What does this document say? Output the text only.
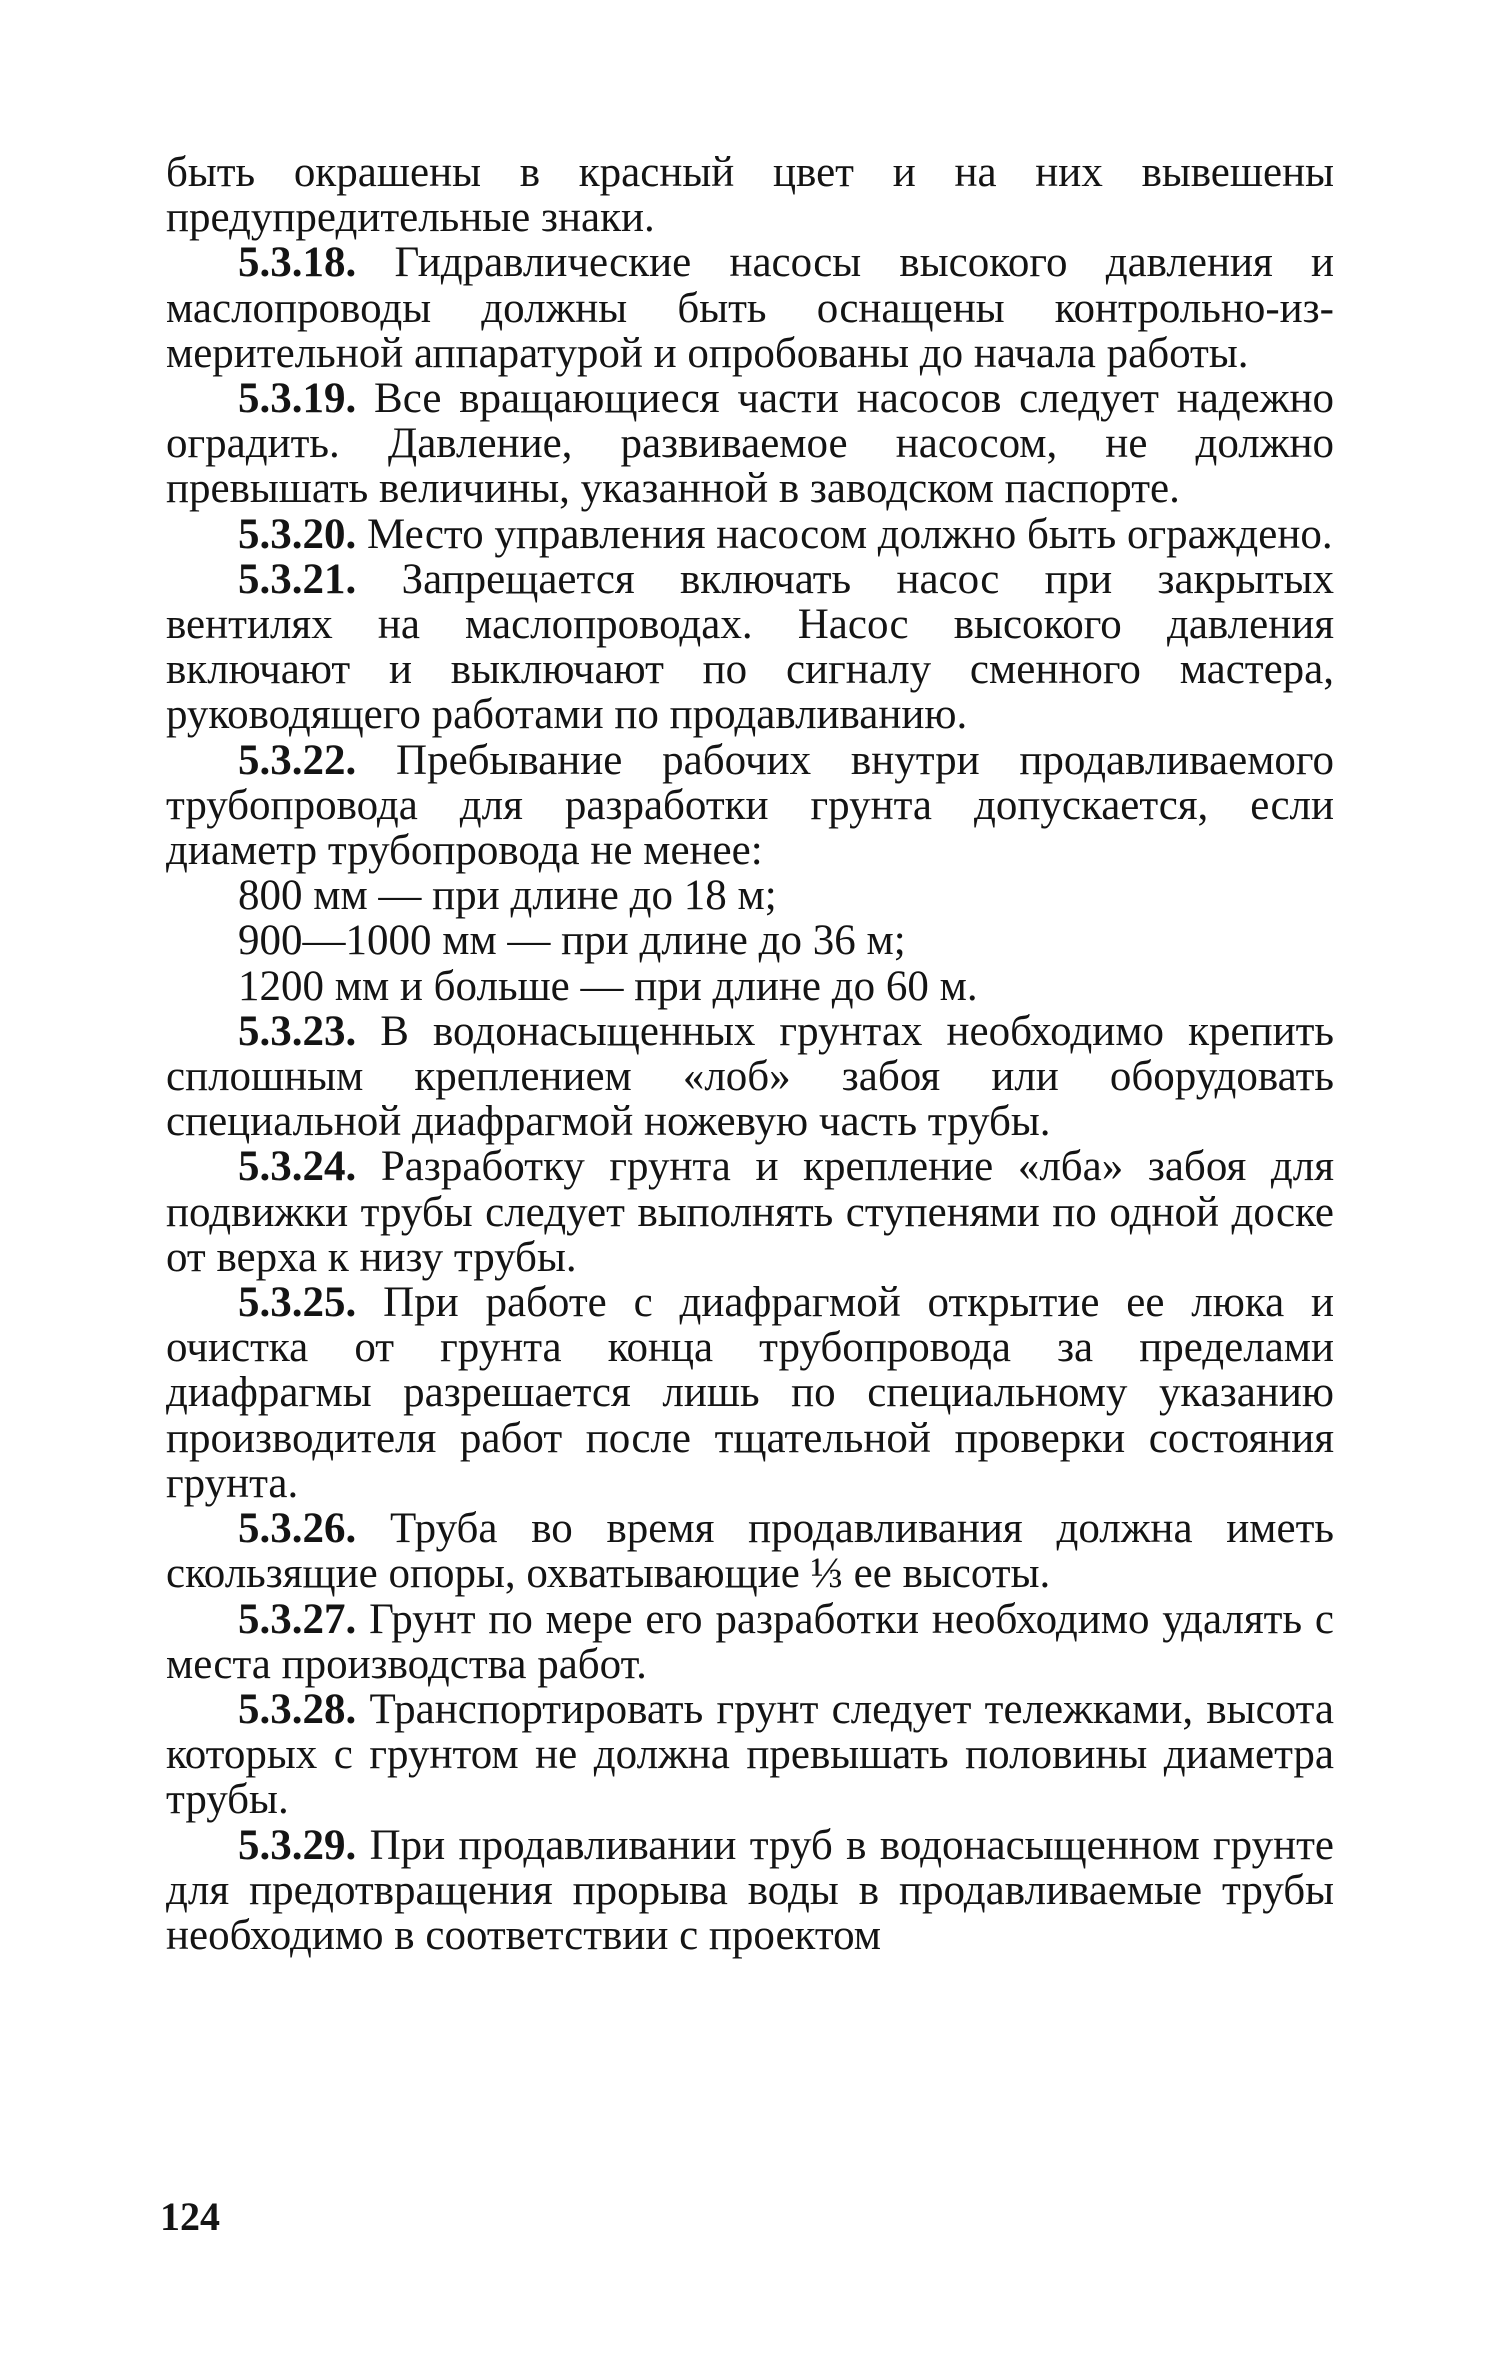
быть окрашены в красный цвет и на них вывешены предупредительные знаки.

5.3.18. Гидравлические насосы высокого давления и маслопроводы должны быть оснащены контрольно-измерительной аппаратурой и опробованы до начала работы.

5.3.19. Все вращающиеся части насосов следует надежно оградить. Давление, развиваемое насосом, не должно превышать величины, указанной в заводском паспорте.

5.3.20. Место управления насосом должно быть ограждено.

5.3.21. Запрещается включать насос при закрытых вентилях на маслопроводах. Насос высокого давления включают и выключают по сигналу сменного мастера, руководящего работами по продавливанию.

5.3.22. Пребывание рабочих внутри продавливаемого трубопровода для разработки грунта допускается, если диаметр трубопровода не менее:

800 мм — при длине до 18 м;

900—1000 мм — при длине до 36 м;

1200 мм и больше — при длине до 60 м.

5.3.23. В водонасыщенных грунтах необходимо крепить сплошным креплением «лоб» забоя или оборудовать специальной диафрагмой ножевую часть трубы.

5.3.24. Разработку грунта и крепление «лба» забоя для подвижки трубы следует выполнять ступенями по одной доске от верха к низу трубы.

5.3.25. При работе с диафрагмой открытие ее люка и очистка от грунта конца трубопровода за пределами диафрагмы разрешается лишь по специальному указанию производителя работ после тщательной проверки состояния грунта.

5.3.26. Труба во время продавливания должна иметь скользящие опоры, охватывающие ⅓ ее высоты.

5.3.27. Грунт по мере его разработки необходимо удалять с места производства работ.

5.3.28. Транспортировать грунт следует тележками, высота которых с грунтом не должна превышать половины диаметра трубы.

5.3.29. При продавливании труб в водонасыщенном грунте для предотвращения прорыва воды в продавливаемые трубы необходимо в соответствии с проектом

124
